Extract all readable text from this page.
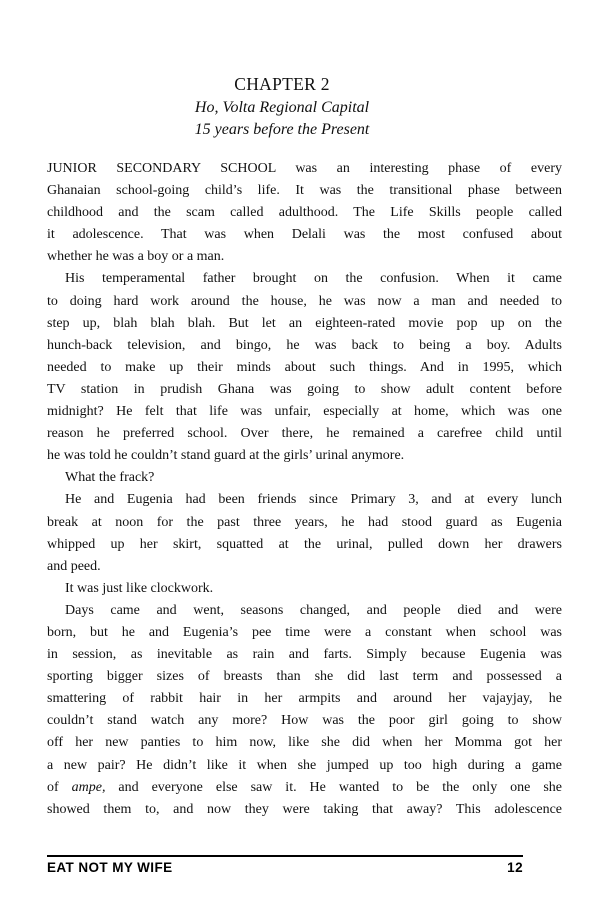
CHAPTER 2
Ho, Volta Regional Capital
15 years before the Present
JUNIOR SECONDARY SCHOOL was an interesting phase of every
Ghanaian school-going child’s life. It was the transitional phase between
childhood and the scam called adulthood. The Life Skills people called
it adolescence. That was when Delali was the most confused about
whether he was a boy or a man.
His temperamental father brought on the confusion. When it came
to doing hard work around the house, he was now a man and needed to
step up, blah blah blah. But let an eighteen-rated movie pop up on the
hunch-back television, and bingo, he was back to being a boy. Adults
needed to make up their minds about such things. And in 1995, which
TV station in prudish Ghana was going to show adult content before
midnight? He felt that life was unfair, especially at home, which was one
reason he preferred school. Over there, he remained a carefree child until
he was told he couldn’t stand guard at the girls’ urinal anymore.
What the frack?
He and Eugenia had been friends since Primary 3, and at every lunch
break at noon for the past three years, he had stood guard as Eugenia
whipped up her skirt, squatted at the urinal, pulled down her drawers
and peed.
It was just like clockwork.
Days came and went, seasons changed, and people died and were
born, but he and Eugenia’s pee time were a constant when school was
in session, as inevitable as rain and farts. Simply because Eugenia was
sporting bigger sizes of breasts than she did last term and possessed a
smattering of rabbit hair in her armpits and around her vajayjay, he
couldn’t stand watch any more? How was the poor girl going to show
off her new panties to him now, like she did when her Momma got her
a new pair? He didn’t like it when she jumped up too high during a game
of ampe, and everyone else saw it. He wanted to be the only one she
showed them to, and now they were taking that away? This adolescence
EAT NOT MY WIFE	12
